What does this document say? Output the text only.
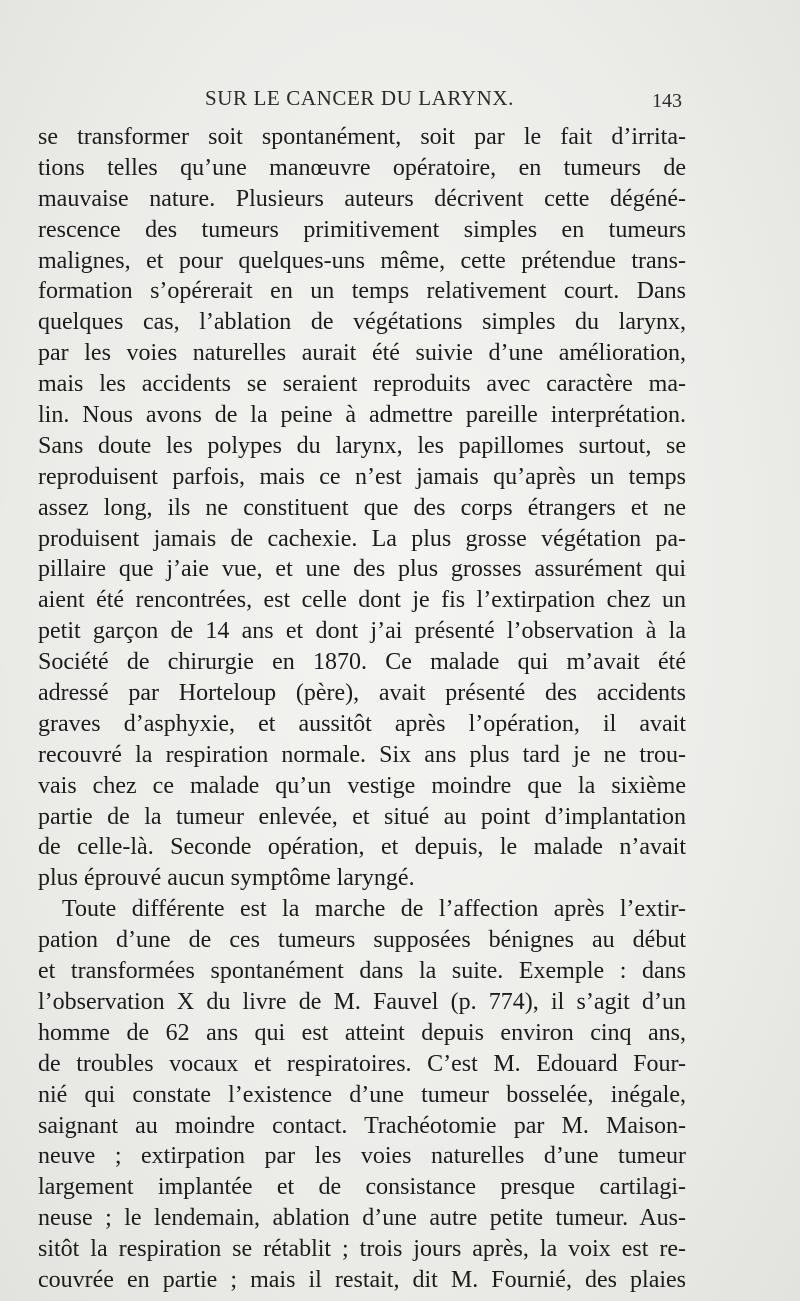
SUR LE CANCER DU LARYNX.	143
se transformer soit spontanément, soit par le fait d’irrita-
tions telles qu’une manœuvre opératoire, en tumeurs de
mauvaise nature. Plusieurs auteurs décrivent cette dégéné-
rescence des tumeurs primitivement simples en tumeurs
malignes, et pour quelques-uns même, cette prétendue trans-
formation s’opérerait en un temps relativement court. Dans
quelques cas, l’ablation de végétations simples du larynx,
par les voies naturelles aurait été suivie d’une amélioration,
mais les accidents se seraient reproduits avec caractère ma-
lin. Nous avons de la peine à admettre pareille interprétation.
Sans doute les polypes du larynx, les papillomes surtout, se
reproduisent parfois, mais ce n’est jamais qu’après un temps
assez long, ils ne constituent que des corps étrangers et ne
produisent jamais de cachexie. La plus grosse végétation pa-
pillaire que j’aie vue, et une des plus grosses assurément qui
aient été rencontrées, est celle dont je fis l’extirpation chez un
petit garçon de 14 ans et dont j’ai présenté l’observation à la
Société de chirurgie en 1870. Ce malade qui m’avait été
adressé par Horteloup (père), avait présenté des accidents
graves d’asphyxie, et aussitôt après l’opération, il avait
recouvré la respiration normale. Six ans plus tard je ne trou-
vais chez ce malade qu’un vestige moindre que la sixième
partie de la tumeur enlevée, et situé au point d’implantation
de celle-là. Seconde opération, et depuis, le malade n’avait
plus éprouvé aucun symptôme laryngé.
Toute différente est la marche de l’affection après l’extir-
pation d’une de ces tumeurs supposées bénignes au début
et transformées spontanément dans la suite. Exemple : dans
l’observation X du livre de M. Fauvel (p. 774), il s’agit d’un
homme de 62 ans qui est atteint depuis environ cinq ans,
de troubles vocaux et respiratoires. C’est M. Edouard Four-
nié qui constate l’existence d’une tumeur bosselée, inégale,
saignant au moindre contact. Trachéotomie par M. Maison-
neuve ; extirpation par les voies naturelles d’une tumeur
largement implantée et de consistance presque cartilagi-
neuse ; le lendemain, ablation d’une autre petite tumeur. Aus-
sitôt la respiration se rétablit ; trois jours après, la voix est re-
couvrée en partie ; mais il restait, dit M. Fournié, des plaies
